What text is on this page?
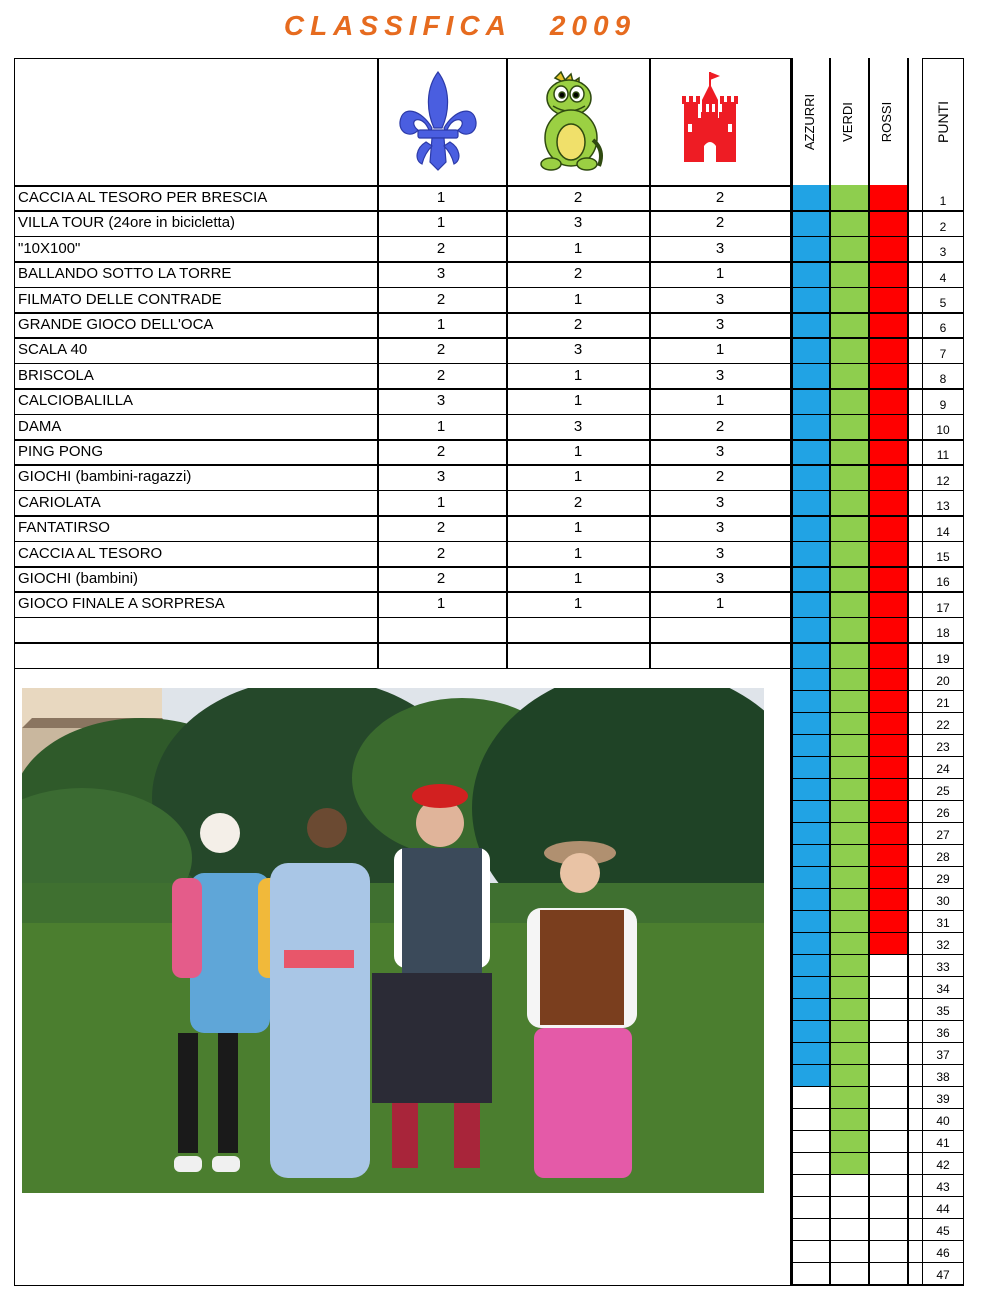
CLASSIFICA 2009
CACCIA AL TESORO PER BRESCIA	1	2	2
VILLA TOUR (24ore in bicicletta)	1	3	2
"10X100"	2	1	3
BALLANDO SOTTO LA TORRE	3	2	1
FILMATO DELLE CONTRADE	2	1	3
GRANDE GIOCO DELL'OCA	1	2	3
SCALA 40	2	3	1
BRISCOLA	2	1	3
CALCIOBALILLA	3	1	1
DAMA	1	3	2
PING PONG	2	1	3
GIOCHI (bambini-ragazzi)	3	1	2
CARIOLATA	1	2	3
FANTATIRSO	2	1	3
CACCIA AL TESORO	2	1	3
GIOCHI (bambini)	2	1	3
GIOCO FINALE A SORPRESA	1	1	1
AZZURRI VERDI ROSSI	PUNTI
1
2
3
4
5
6
7
8
9
10
11
12
13
14
15
16
17
18
19
20
21
22
23
24
25
26
27
28
29
30
31
32
33
34
35
36
37
38
39
40
41
42
43
44
45
46
47
